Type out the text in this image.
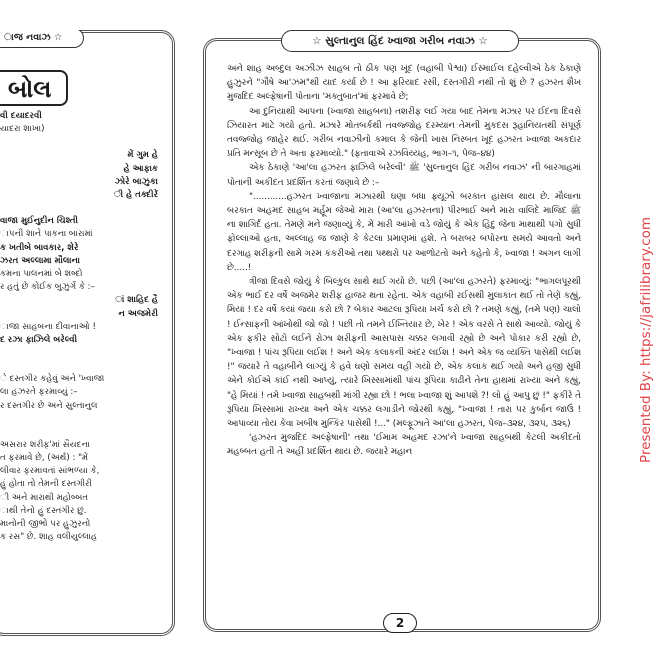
ાજ નવાઝ ☆
બોલ
વી દયાદરવી
યાદરા શાખા)
મેં ગુમ હે
હે આફાક
ઝોરે બાઝુકા
ી હે તક્દીરેં
વાજા મુઈનુદીન ચિશ્તી
ાપની શાને પાકના બારામાં
ક ખતીબે બાવકાર, શેરે
ઝરત અલ્લામા મૌલાના
કમના પાલનમાં બે શબ્દો
ર હતું છે કોઈક બુઝુર્ગે કે :–
ાં શાહિદ હૈ
ન અજમેરી
ાજા સાહબના દીવાનાઓ !
દ રઝા ફાઝિલે બરેલ્વી
ે દસ્તગીર કહેવું અને 'ખ્વાજા
લા હઝરતે ફરમાવ્યું :–
ર દસ્તગીર છે અને સુલ્તાનુલ
અસરાર શરીફ'માં સૈયદના
ત ફરમાવે છે, (અર્થ) : "મેં
લીવાર ફરમાવતાં સાંભળ્યા કે,
હું હોતા તો તેમની દસ્તગીરી
ી અને મારાથી મહોબ્બત
ાથી તેનો હું દસ્તગીર છું.
માનોની જીભો પર હુઝુરનો
ક રસ" છે. શાહ વલીયુલ્લાહ
☆ સુલ્તાનુલ હિંદ ખ્વાજા ગરીબ નવાઝ ☆

અને શાહ અબ્દુલ અઝીઝ સાહબ તો ઠીક પણ ખૂદ (વહાબી પેશ્વા) ઈસ્માઈલ દહેલ્વીએ ઠેક ઠેકાણે હુઝુરને "ગૌષે આ'ઝમ"થી યાદ કર્યા છે ! આ ફરિયાદ રસી, દસ્તગીરી નથી તો શું છે ? હઝરત શૈખ મુજદિદ અલ્ફેષાની પોતાના 'મક્તુબાત'માં ફરમાવે છે;

આ દુનિયાથી આપના (ખ્વાજા સાહબના) તશરીફ લઈ ગયા બાદ તેમના મઝાર પર ઈદના દિવસે ઝિયારત માટે ગયો હતો. મઝારે મોતબર્કથી તવજ્જોહ દરમ્યાન તેમની મુકદસ રૂહાનિયતથી સંપૂર્ણ તવજ્જોહ જાહેર થઈ. ગરીબ નવાઝીનો કમાલ કે જેની ખાસ નિસ્બત ખૂદ હઝરત ખ્વાજા અકદાર પ્રતિ મન્સૂબ છે તે અતા ફરમાવ્યો." (ફતાવાએ રઝવિય્યહ, ભાગ–૧, પેજ–૪૪)

એક ઠેકાણે 'આ'લા હઝરત ફાઝિલે બરેલ્વી' ﷺ 'સુલ્તાનુલ હિંદ ગરીબ નવાઝ' ની બારગાહમાં પોતાની અકીદત પ્રદર્શિત કરતાં જણાવે છે :–

"............હઝરત ખ્વાજાના મઝારથી ઘણા બધા ફ્યૂઝો બરકાત હાંસલ થાય છે. મૌલાના બરકાત અહમદ સાહબ મર્હૂમ જેઓ મારા (આ'લા હઝરતના) પીરભાઈ અને મારા વાલિદે માજિદ ﷺ ના શાગિર્દ હતા. તેમણે મને જણાવ્યું કે, મેં મારી આંખો વડે જોયું કે એક હિંદુ જેના માથાથી પગો સુધી ફોલ્લાઓ હતા, અલ્લાહ જ જાણે કે કેટલા પ્રમાણમાં હશે. તે બરાબર બપોરના સમયે આવતો અને દરગાહ શરીફની સામે ગરમ કંકરીઓ તથા પથ્થરો પર આળોટતો અને કહેતો કે, ખ્વાજા ! અગન લાગી છે.....!

ત્રીજા દિવસે જોયું કે બિલ્કુલ સાથે થઈ ગયો છે. પછી (આ'લા હઝરતે) ફરમાવ્યું: "ભાગલપૂરથી એક ભાઈ દર વર્ષે અજમેર શરીફ હાજર થતા રહેતા. એક વહાબી રઈસથી મુલાકાત થઈ તો તેણે કહ્યું, મિયાં ! દર વર્ષે કયાં જયા કરો છો ? બેકાર આટલા રૂપિયા ખર્ચ કરો છો ? તમણે કહ્યું, (તમે પણ) ચાલો ! ઈન્સાફની આંખોથી જો જો ! પછી તો તમને ઈખ્તિયાર છે, ખેર ! એક વરસે તે સાથે આવ્યો. જોયું કે એક ફકીર સોટો લઈને રોઝા શરીફની આસપાસ ચક્કર લગાવી રહ્યો છે અને પોકાર કરી રહ્યો છે, "ખ્વાજા ! પાંચ રૂપિયા લઈશ ! અને એક કલાકની અંદર લઈશ ! અને એક જ વ્યક્તિ પાસેથી લઈશ !" જયારે તે વહાબીને લાગ્યું કે હવે ઘણો સમય વહી ગયો છે, એક કલાક થઈ ગયો અને હજી સુધી એને કોઈએ કાંઈ નથી આપ્યું, ત્યારે ખિસ્સામાંથી પાંચ રૂપિયા કાઢીને તેના હાથમાં રાખ્યા અને કહ્યું, "હે મિયાં ! તમે ખ્વાજા સાહબથી માંગી રહ્યા છો ! ભલા ખ્વાજા શું આપશે ?! લો હું આપુ છું !" ફકીરે તે રૂપિયા ખિસ્સામાં રાખ્યા અને એક ચક્કર લગાડીને જોરથી કહ્યું, "ખ્વાજા ! તારા પર કુર્બાન જાઉં ! આપાવ્યા તોય કેવા ખબીષ મુન્કિર પાસેથી !..." (મલ્ફૂઝાતે આ'લા હઝરત, પેજ–૩૨૪, ૩૨૫, ૩૨૬)

'હઝરત મુજદિદ અલ્ફેષાની' તથા 'ઈમામ અહમદ રઝા'ને ખ્વાજા સાહબથી કેટલી અકીદતો મહબ્બત હતી તે અહીં પ્રદર્શિત થાય છે. જયારે મહાન

2
Presented By: https://jafrilibrary.com
